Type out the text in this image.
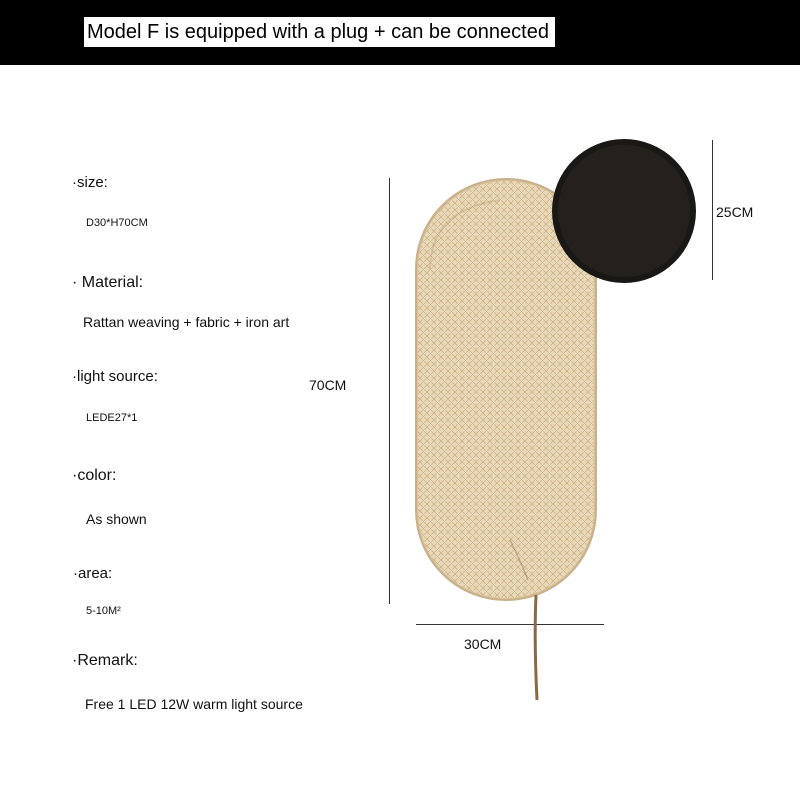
Model F is equipped with a plug + can be connected
·size:
D30*H70CM
· Material:
Rattan weaving + fabric + iron art
·light source:
LEDE27*1
·color:
As shown
·area:
5-10M²
·Remark:
Free 1 LED 12W warm light source
70CM
30CM
25CM
